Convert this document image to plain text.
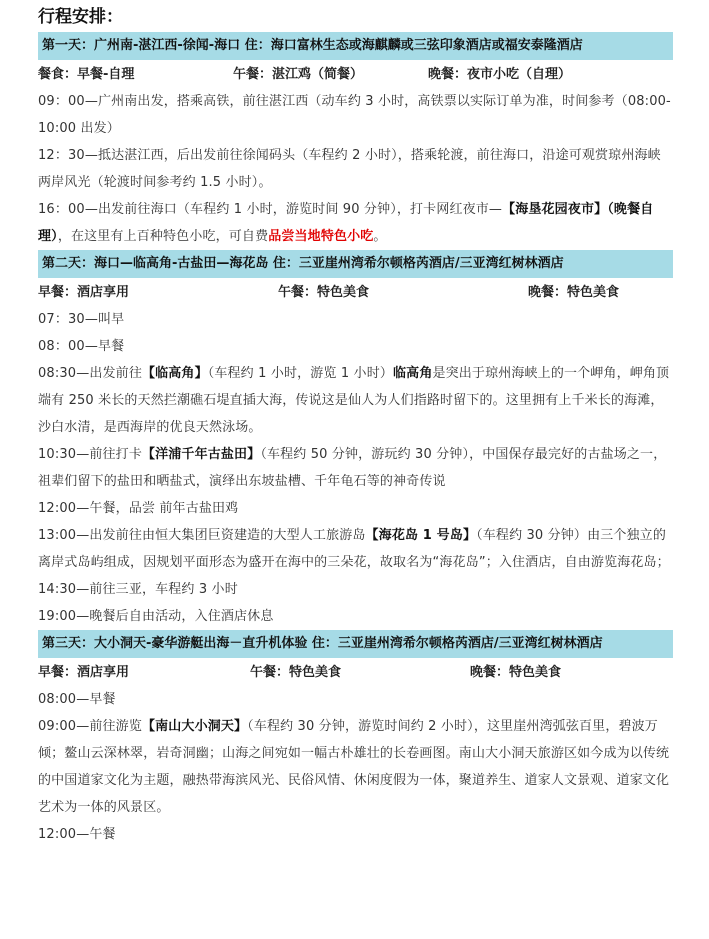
行程安排：
第一天：广州南-湛江西-徐闻-海口 住：海口富林生态或海麒麟或三弦印象酒店或福安泰隆酒店
餐食：早餐-自理	午餐：湛江鸡（简餐）	晚餐：夜市小吃（自理）

09：00—广州南出发，搭乘高铁，前往湛江西（动车约 3 小时，高铁票以实际订单为准，时间参考（08:00-10:00 出发）

12：30—抵达湛江西，后出发前往徐闻码头（车程约 2 小时），搭乘轮渡，前往海口，沿途可观赏琼州海峡两岸风光（轮渡时间参考约 1.5 小时）。

16：00—出发前往海口（车程约 1 小时，游览时间 90 分钟），打卡网红夜市—【海垦花园夜市】（晚餐自理），在这里有上百种特色小吃，可自费品尝当地特色小吃。

第二天：海口—临高角-古盐田—海花岛 住：三亚崖州湾希尔顿格芮酒店/三亚湾红树林酒店
早餐：酒店享用	午餐：特色美食	晚餐：特色美食

07：30—叫早

08：00—早餐

08:30—出发前往【临高角】（车程约 1 小时，游览 1 小时）临高角是突出于琼州海峡上的一个岬角，岬角顶端有 250 米长的天然拦潮礁石堤直插大海，传说这是仙人为人们指路时留下的。这里拥有上千米长的海滩，沙白水清，是西海岸的优良天然泳场。

10:30—前往打卡【洋浦千年古盐田】（车程约 50 分钟，游玩约 30 分钟），中国保存最完好的古盐场之一，祖辈们留下的盐田和晒盐式，演绎出东坡盐槽、千年龟石等的神奇传说

12:00—午餐，品尝 前年古盐田鸡

13:00—出发前往由恒大集团巨资建造的大型人工旅游岛【海花岛 1 号岛】（车程约 30 分钟）由三个独立的离岸式岛屿组成，因规划平面形态为盛开在海中的三朵花，故取名为“海花岛”；入住酒店，自由游览海花岛；

14:30—前往三亚，车程约 3 小时

19:00—晚餐后自由活动，入住酒店休息

第三天：大小洞天-豪华游艇出海－直升机体验 住：三亚崖州湾希尔顿格芮酒店/三亚湾红树林酒店
早餐：酒店享用	午餐：特色美食	晚餐：特色美食

08:00—早餐

09:00—前往游览【南山大小洞天】（车程约 30 分钟，游览时间约 2 小时），这里崖州湾弧弦百里，碧波万倾；鳌山云深林翠，岩奇洞幽；山海之间宛如一幅古朴雄壮的长卷画图。南山大小洞天旅游区如今成为以传统的中国道家文化为主题，融热带海滨风光、民俗风情、休闲度假为一体，聚道养生、道家人文景观、道家文化艺术为一体的风景区。

12:00—午餐
